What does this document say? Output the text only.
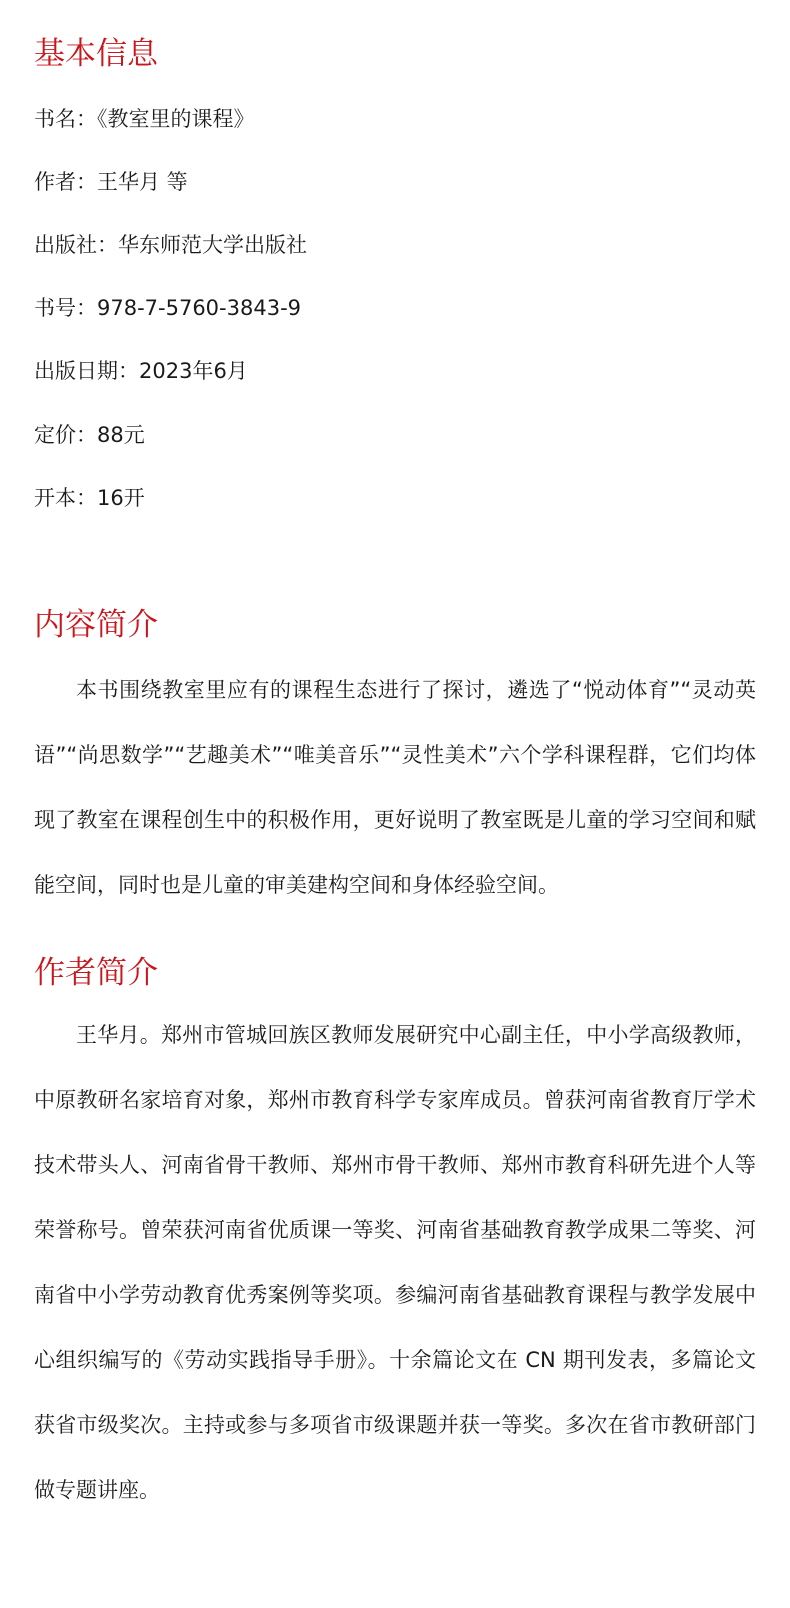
基本信息
书名：《教室里的课程》
作者：王华月 等
出版社：华东师范大学出版社
书号：978-7-5760-3843-9
出版日期：2023年6月
定价：88元
开本：16开
内容简介

本书围绕教室里应有的课程生态进行了探讨，遴选了“悦动体育”“灵动英语”“尚思数学”“艺趣美术”“唯美音乐”“灵性美术”六个学科课程群，它们均体现了教室在课程创生中的积极作用，更好说明了教室既是儿童的学习空间和赋能空间，同时也是儿童的审美建构空间和身体经验空间。

作者简介

王华月。郑州市管城回族区教师发展研究中心副主任，中小学高级教师，中原教研名家培育对象，郑州市教育科学专家库成员。曾获河南省教育厅学术技术带头人、河南省骨干教师、郑州市骨干教师、郑州市教育科研先进个人等荣誉称号。曾荣获河南省优质课一等奖、河南省基础教育教学成果二等奖、河南省中小学劳动教育优秀案例等奖项。参编河南省基础教育课程与教学发展中心组织编写的《劳动实践指导手册》。十余篇论文在 CN 期刊发表，多篇论文获省市级奖次。主持或参与多项省市级课题并获一等奖。多次在省市教研部门做专题讲座。
